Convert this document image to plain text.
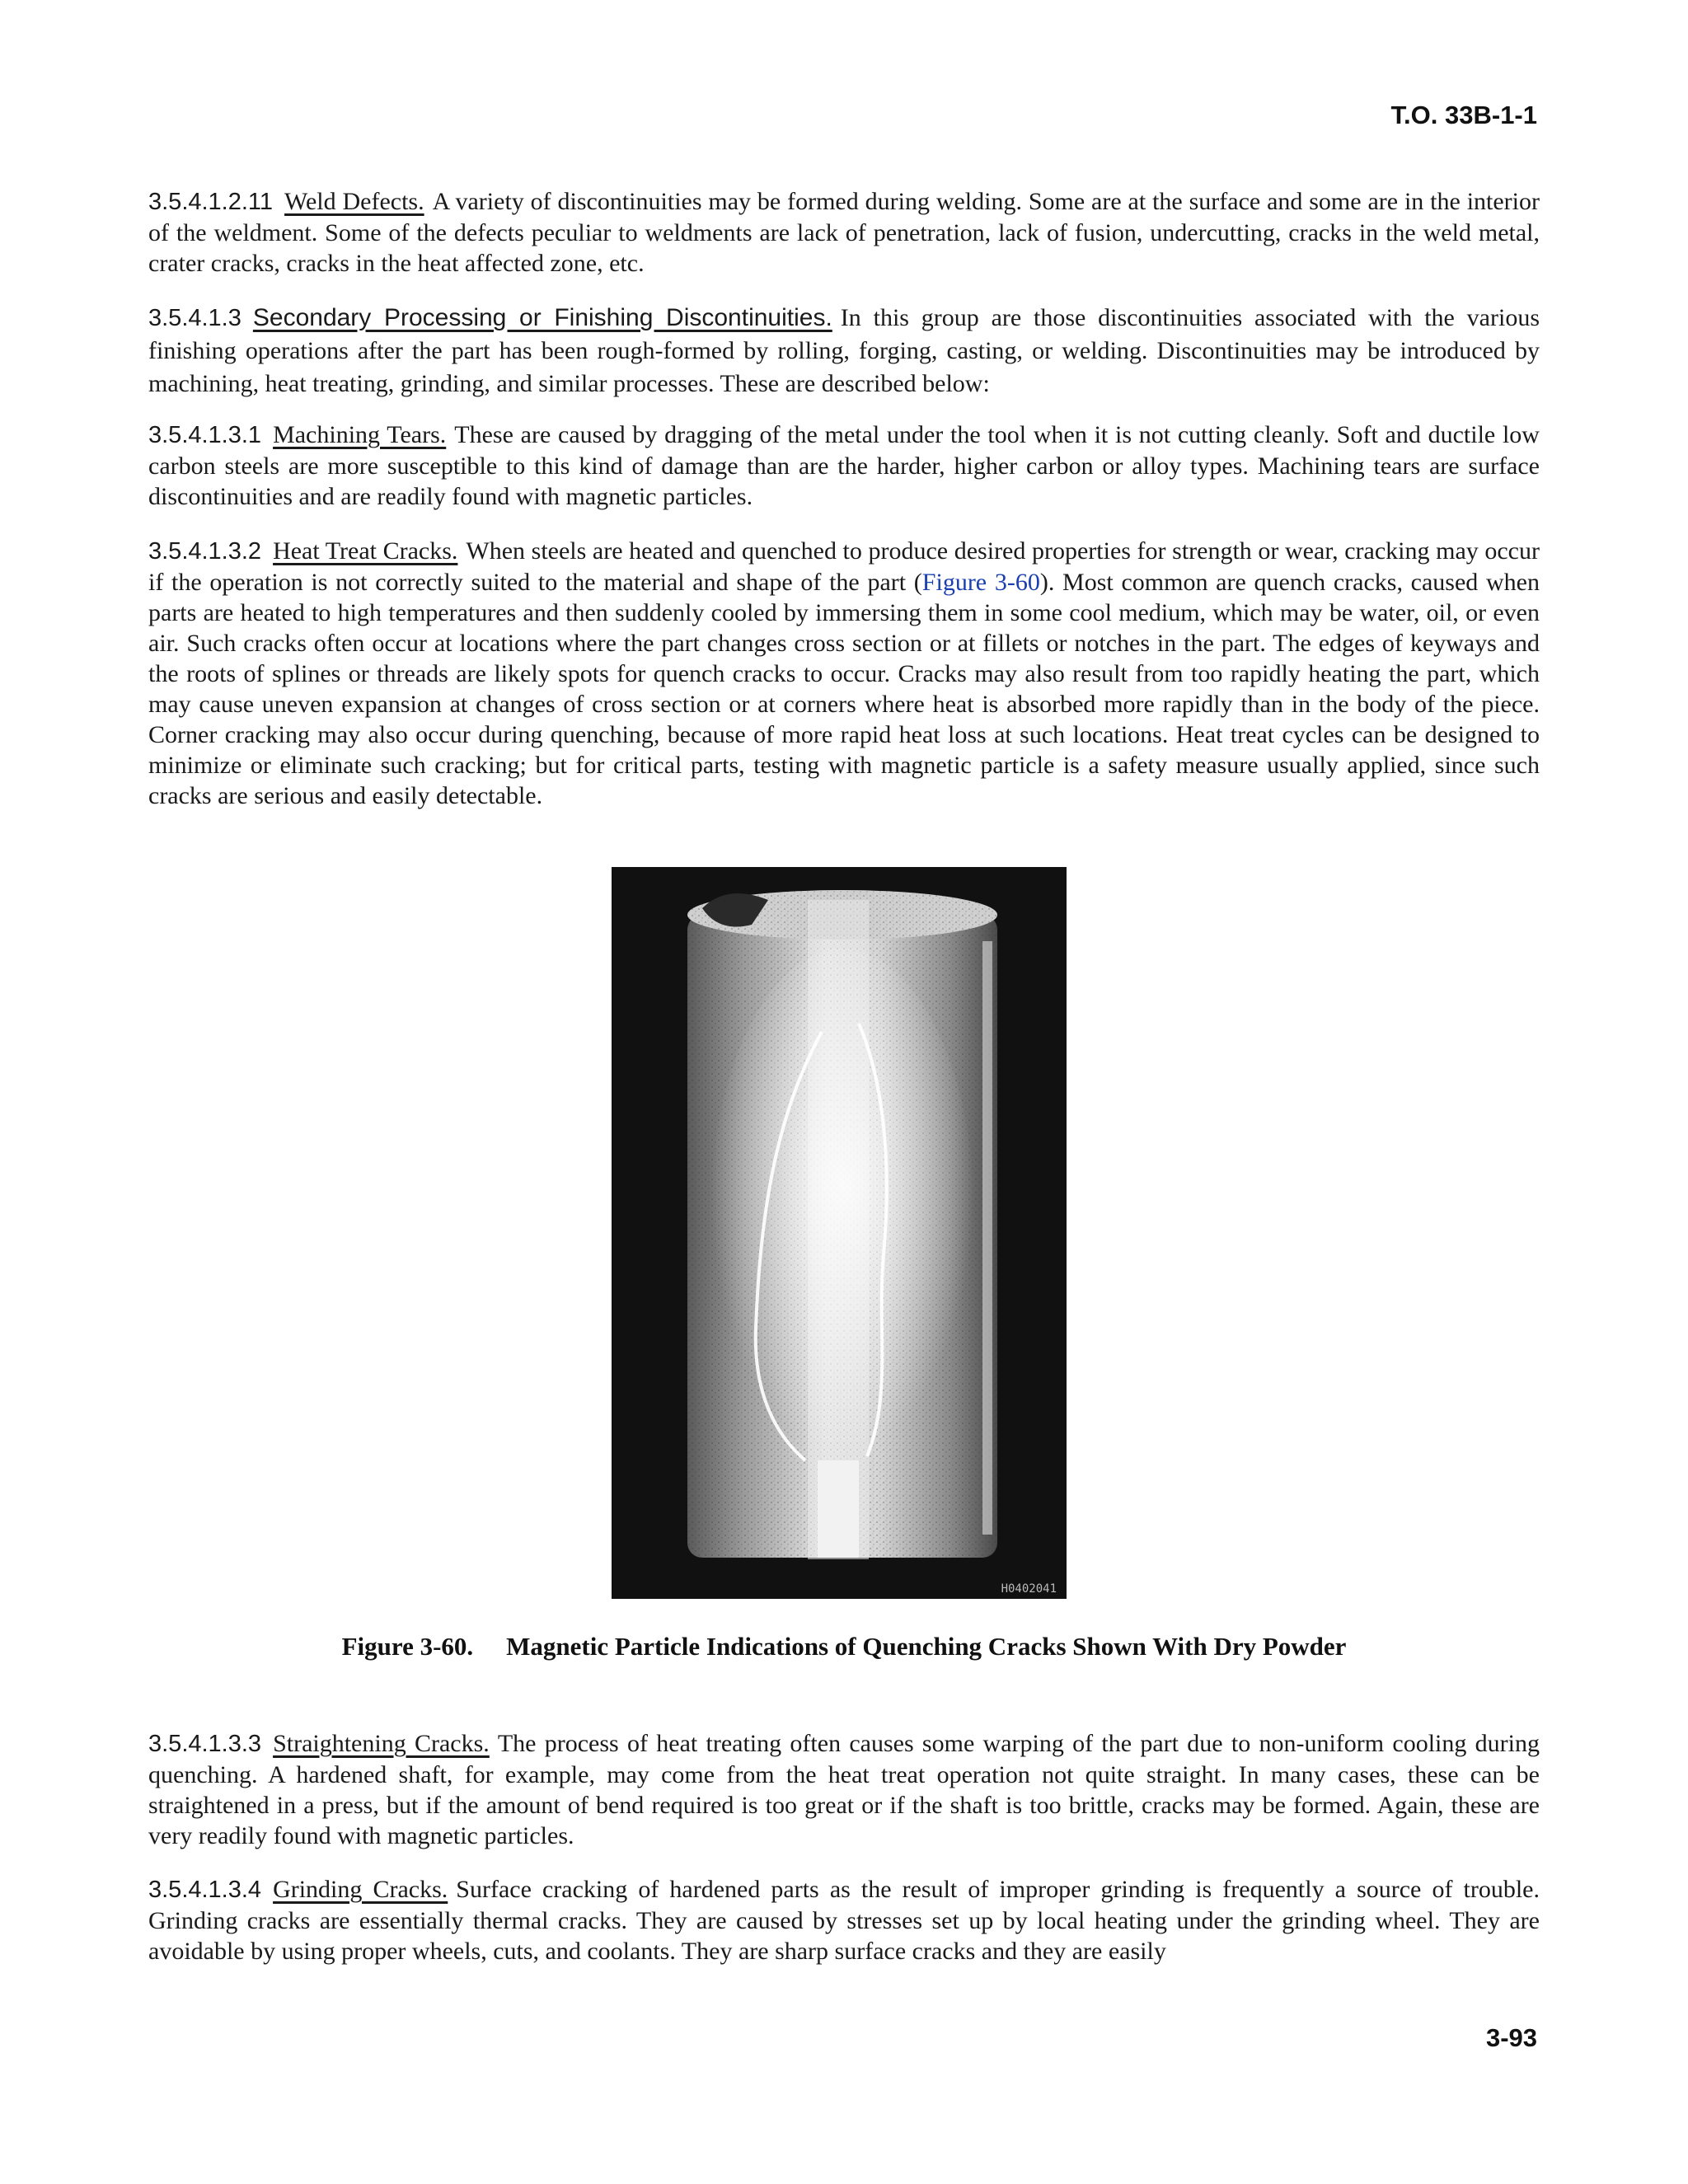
T.O. 33B-1-1

3.5.4.1.2.11 Weld Defects. A variety of discontinuities may be formed during welding. Some are at the surface and some are in the interior of the weldment. Some of the defects peculiar to weldments are lack of penetration, lack of fusion, undercutting, cracks in the weld metal, crater cracks, cracks in the heat affected zone, etc.

3.5.4.1.3 Secondary Processing or Finishing Discontinuities. In this group are those discontinuities associated with the various finishing operations after the part has been rough-formed by rolling, forging, casting, or welding. Discontinuities may be introduced by machining, heat treating, grinding, and similar processes. These are described below:

3.5.4.1.3.1 Machining Tears. These are caused by dragging of the metal under the tool when it is not cutting cleanly. Soft and ductile low carbon steels are more susceptible to this kind of damage than are the harder, higher carbon or alloy types. Machining tears are surface discontinuities and are readily found with magnetic particles.

3.5.4.1.3.2 Heat Treat Cracks. When steels are heated and quenched to produce desired properties for strength or wear, cracking may occur if the operation is not correctly suited to the material and shape of the part (Figure 3-60). Most common are quench cracks, caused when parts are heated to high temperatures and then suddenly cooled by immersing them in some cool medium, which may be water, oil, or even air. Such cracks often occur at locations where the part changes cross section or at fillets or notches in the part. The edges of keyways and the roots of splines or threads are likely spots for quench cracks to occur. Cracks may also result from too rapidly heating the part, which may cause uneven expansion at changes of cross section or at corners where heat is absorbed more rapidly than in the body of the piece. Corner cracking may also occur during quenching, because of more rapid heat loss at such locations. Heat treat cycles can be designed to minimize or eliminate such cracking; but for critical parts, testing with magnetic particle is a safety measure usually applied, since such cracks are serious and easily detectable.

H0402041
Figure 3-60. Magnetic Particle Indications of Quenching Cracks Shown With Dry Powder

3.5.4.1.3.3 Straightening Cracks. The process of heat treating often causes some warping of the part due to non-uniform cooling during quenching. A hardened shaft, for example, may come from the heat treat operation not quite straight. In many cases, these can be straightened in a press, but if the amount of bend required is too great or if the shaft is too brittle, cracks may be formed. Again, these are very readily found with magnetic particles.

3.5.4.1.3.4 Grinding Cracks. Surface cracking of hardened parts as the result of improper grinding is frequently a source of trouble. Grinding cracks are essentially thermal cracks. They are caused by stresses set up by local heating under the grinding wheel. They are avoidable by using proper wheels, cuts, and coolants. They are sharp surface cracks and they are easily

3-93
